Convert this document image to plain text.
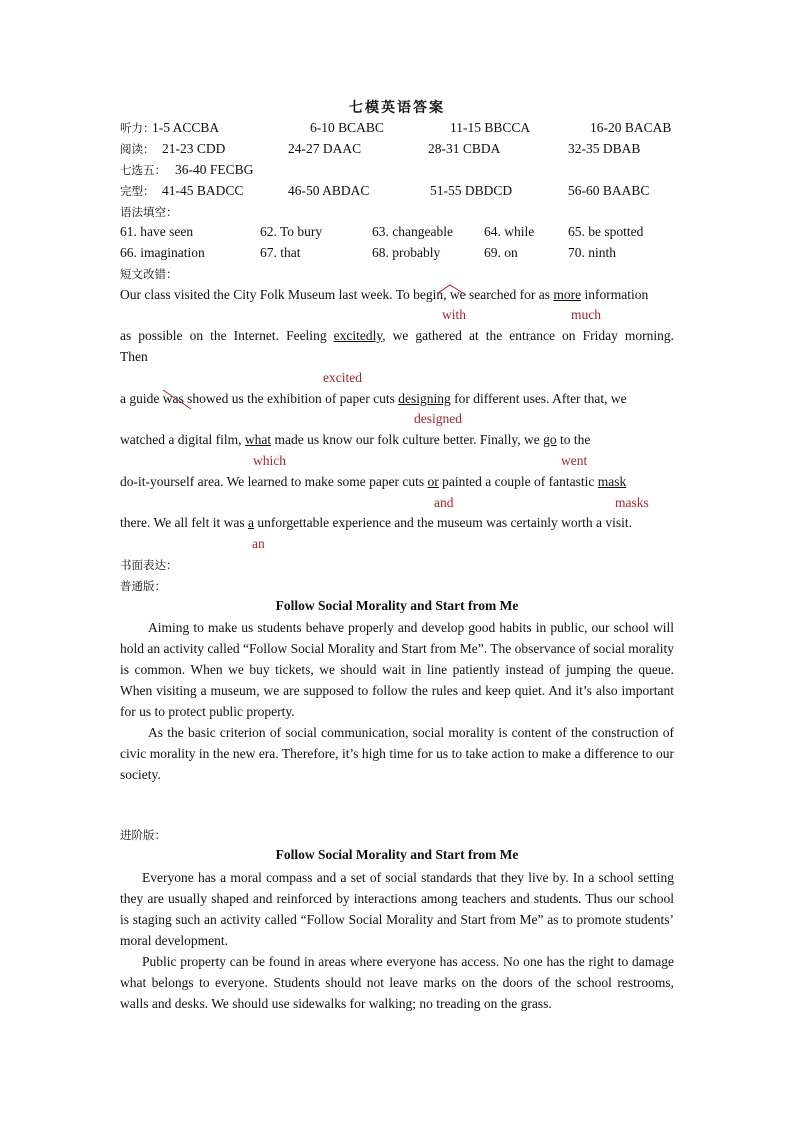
七模英语答案
听力：
1-5 ACCBA	6-10 BCABC	11-15 BBCCA	16-20 BACAB
阅读： 21-23 CDD	24-27 DAAC	28-31 CBDA	32-35 DBAB
七选五： 36-40 FECBG
完型： 41-45 BADCC	46-50 ABDAC	51-55 DBDCD	56-60 BAABC
语法填空：
61. have seen	62. To bury	63. changeable 64. while	65. be spotted
66. imagination	67. that	68. probably	69. on	70. ninth
短文改错：
Our class visited the City Folk Museum last week. To begin, we searched for as more information
with	much
as possible on the Internet. Feeling excitedly, we gathered at the entrance on Friday morning.
Then
excited
a guide was showed us the exhibition of paper cuts designing for different uses. After that, we
designed
watched a digital film, what made us know our folk culture better. Finally, we go to the
which	went
do-it-yourself area. We learned to make some paper cuts or painted a couple of fantastic mask
and	masks
there. We all felt it was a unforgettable experience and the museum was certainly worth a visit.
an
书面表达：
普通版：
Follow Social Morality and Start from Me

Aiming to make us students behave properly and develop good habits in public, our school will hold an activity called “Follow Social Morality and Start from Me”. The observance of social morality is common. When we buy tickets, we should wait in line patiently instead of jumping the queue. When visiting a museum, we are supposed to follow the rules and keep quiet. And it’s also important for us to protect public property.

As the basic criterion of social communication, social morality is content of the construction of civic morality in the new era. Therefore, it’s high time for us to take action to make a difference to our society.

进阶版：
Follow Social Morality and Start from Me

Everyone has a moral compass and a set of social standards that they live by. In a school setting they are usually shaped and reinforced by interactions among teachers and students. Thus our school is staging such an activity called “Follow Social Morality and Start from Me” as to promote students’ moral development.

Public property can be found in areas where everyone has access. No one has the right to damage what belongs to everyone. Students should not leave marks on the doors of the school restrooms, walls and desks. We should use sidewalks for walking; no treading on the grass.
